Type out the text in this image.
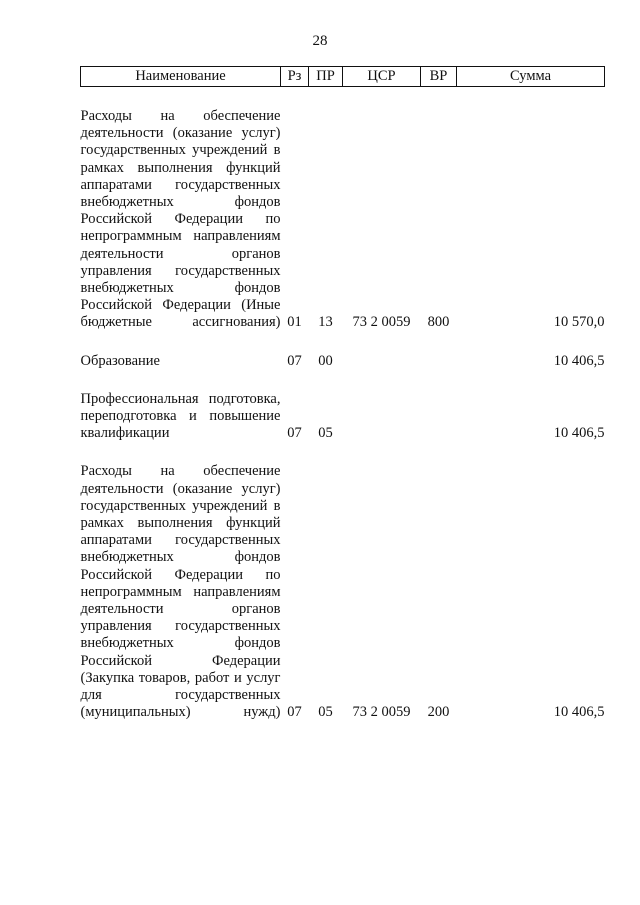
28
Наименование	Рз	ПР	ЦСР	ВР	Сумма

Расходы на обеспечение деятельности (оказание услуг) государственных учреждений в рамках выполнения функций аппаратами государственных внебюджетных фондов Российской Федерации по непрограммным направлениям деятельности органов управления государственных внебюджетных фондов Российской Федерации (Иные бюджетные ассигнования)	01	13	73 2 0059	800	10 570,0

Образование	07	00			10 406,5

Профессиональная подготовка, переподготовка и повышение квалификации	07	05			10 406,5

Расходы на обеспечение деятельности (оказание услуг) государственных учреждений в рамках выполнения функций аппаратами государственных внебюджетных фондов Российской Федерации по непрограммным направлениям деятельности органов управления государственных внебюджетных фондов Российской Федерации (Закупка товаров, работ и услуг для государственных (муниципальных) нужд)	07	05	73 2 0059	200	10 406,5
